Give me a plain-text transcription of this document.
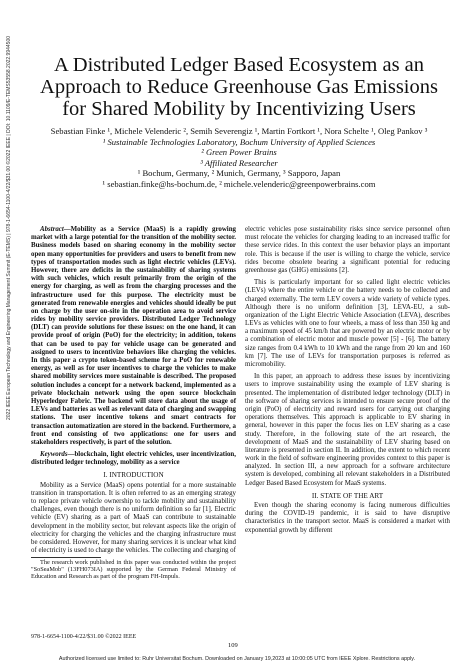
2022 IEEE European Technology and Engineering Management Summit (E-TEMS) | 978-1-6654-1100-4/22/$31.00 ©2022 IEEE | DOI: 10.1109/E-TEMS53558.2022.9944500	A Distributed Ledger Based Ecosystem as an Approach to Reduce Greenhouse Gas Emissions for Shared Mobility by Incentivizing Users
Sebastian Finke ¹, Michele Velenderic ², Semih Severengiz ¹, Martin Fortkort ¹, Nora Schelte ¹, Oleg Pankov ³
¹ Sustainable Technologies Laboratory, Bochum University of Applied Sciences
² Green Power Brains
³ Affiliated Researcher
¹ Bochum, Germany, ² Munich, Germany, ³ Sapporo, Japan
¹ sebastian.finke@hs-bochum.de, ² michele.velenderic@greenpowerbrains.com

Abstract—Mobility as a Service (MaaS) is a rapidly growing market with a large potential for the transition of the mobility sector. Business models based on sharing economy in the mobility sector open many opportunities for providers and users to benefit from new types of transportation modes such as light electric vehicles (LEVs). However, there are deficits in the sustainability of sharing systems with such vehicles, which result primarily from the origin of the energy for charging, as well as from the charging processes and the infrastructure used for this purpose. The electricity must be generated from renewable energies and vehicles should ideally be put on charge by the user on-site in the operation area to avoid service rides by mobility service providers. Distributed Ledger Technology (DLT) can provide solutions for these issues: on the one hand, it can provide proof of origin (PoO) for the electricity; in addition, tokens that can be used to pay for vehicle usage can be generated and assigned to users to incentivize behaviors like charging the vehicles. In this paper a crypto token-based scheme for a PoO for renewable energy, as well as for user incentives to charge the vehicles to make shared mobility services more sustainable is described. The proposed solution includes a concept for a network backend, implemented as a private blockchain network using the open source blockchain Hyperledger Fabric. The backend will store data about the usage of LEVs and batteries as well as relevant data of charging and swapping stations. The user incentive tokens and smart contracts for transaction automatization are stored in the backend. Furthermore, a front end consisting of two applications: one for users and stakeholders respectively, is part of the solution.

Keywords—blockchain, light electric vehicles, user incentivization, distributed ledger technology, mobility as a service

I. INTRODUCTION

Mobility as a Service (MaaS) opens potential for a more sustainable transition in transportation. It is often referred to as an emerging strategy to replace private vehicle ownership to tackle mobility and sustainability challenges, even though there is no uniform definition so far [1]. Electric vehicle (EV) sharing as a part of MaaS can contribute to sustainable development in the mobility sector, but relevant aspects like the origin of electricity for charging the vehicles and the charging infrastructure must be considered. However, for many sharing services it is unclear what kind of electricity is used to charge the vehicles. The collecting and charging of

The research work published in this paper was conducted within the project "SoSeaMob" (13FH073IA) supported by the German Federal Ministry of Education and Research as part of the program FH-Impuls.

electric vehicles pose sustainability risks since service personnel often must relocate the vehicles for charging leading to an increased traffic for these service rides. In this context the user behavior plays an important role. This is because if the user is willing to charge the vehicle, service rides become obsolete bearing a significant potential for reducing greenhouse gas (GHG) emissions [2].

This is particularly important for so called light electric vehicles (LEVs) where the entire vehicle or the battery needs to be collected and charged externally. The term LEV covers a wide variety of vehicle types. Although there is no uniform definition [3], LEVA-EU, a sub-organization of the Light Electric Vehicle Association (LEVA), describes LEVs as vehicles with one to four wheels, a mass of less than 350 kg and a maximum speed of 45 km/h that are powered by an electric motor or by a combination of electric motor and muscle power [5] - [6]. The battery size ranges from 0.4 kWh to 10 kWh and the range from 20 km and 160 km [7]. The use of LEVs for transportation purposes is referred as micromobility.

In this paper, an approach to address these issues by incentivizing users to improve sustainability using the example of LEV sharing is presented. The implementation of distributed ledger technology (DLT) in the software of sharing services is intended to ensure secure proof of the origin (PoO) of electricity and reward users for carrying out charging operations themselves. This approach is applicable to EV sharing in general, however in this paper the focus lies on LEV sharing as a case study. Therefore, in the following state of the art research, the development of MaaS and the sustainability of LEV sharing based on literature is presented in section II. In addition, the extent to which recent work in the field of software engineering provides context to this paper is analyzed. In section III, a new approach for a software architecture system is developed, combining all relevant stakeholders in a Distributed Ledger Based Based Ecosystem for MaaS systems.

II. STATE OF THE ART

Even though the sharing economy is facing numerous difficulties during the COVID-19 pandemic, it is said to have disruptive characteristics in the transport sector. MaaS is considered a market with exponential growth by different

978-1-6654-1100-4/22/$31.00 ©2022 IEEE
109
Authorized licensed use limited to: Ruhr Universitat Bochum. Downloaded on January 19,2023 at 10:00:05 UTC from IEEE Xplore. Restrictions apply.
